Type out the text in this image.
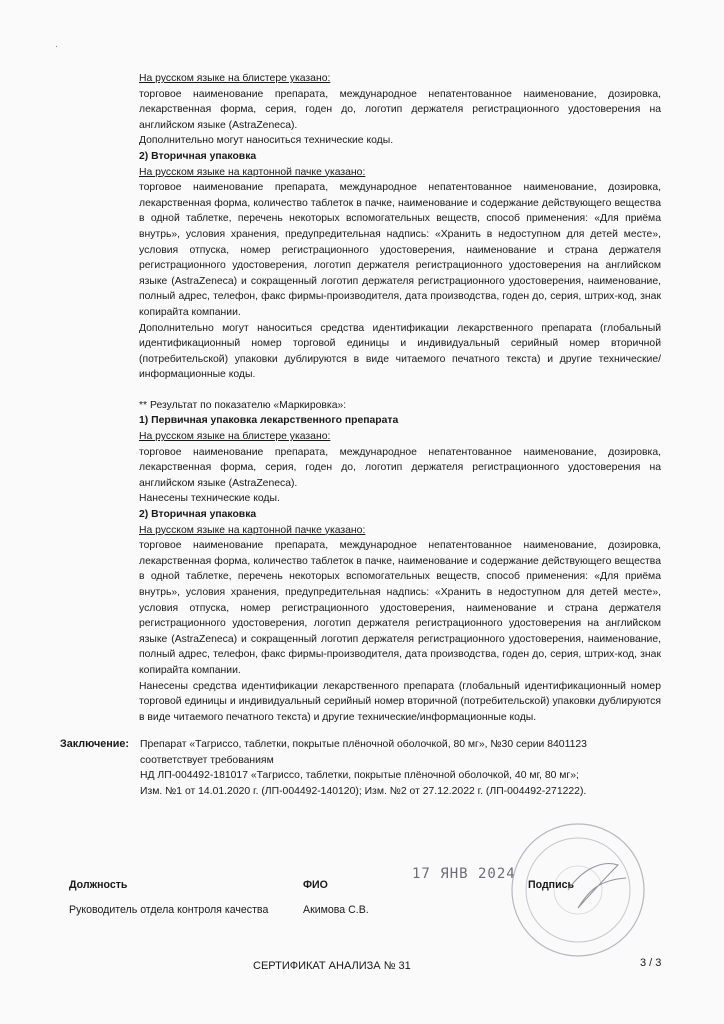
·

На русском языке на блистере указано:

торговое наименование препарата, международное непатентованное наименование, дозировка, лекарственная форма, серия, годен до, логотип держателя регистрационного удостоверения на английском языке (AstraZeneca).

Дополнительно могут наноситься технические коды.

2) Вторичная упаковка

На русском языке на картонной пачке указано:

торговое наименование препарата, международное непатентованное наименование, дозировка, лекарственная форма, количество таблеток в пачке, наименование и содержание действующего вещества в одной таблетке, перечень некоторых вспомогательных веществ, способ применения: «Для приёма внутрь», условия хранения, предупредительная надпись: «Хранить в недоступном для детей месте», условия отпуска, номер регистрационного удостоверения, наименование и страна держателя регистрационного удостоверения, логотип держателя регистрационного удостоверения на английском языке (AstraZeneca) и сокращенный логотип держателя регистрационного удостоверения, наименование, полный адрес, телефон, факс фирмы-производителя, дата производства, годен до, серия, штрих-код, знак копирайта компании.

Дополнительно могут наноситься средства идентификации лекарственного препарата (глобальный идентификационный номер торговой единицы и индивидуальный серийный номер вторичной (потребительской) упаковки дублируются в виде читаемого печатного текста) и другие технические/информационные коды.

** Результат по показателю «Маркировка»:

1) Первичная упаковка лекарственного препарата

На русском языке на блистере указано:

торговое наименование препарата, международное непатентованное наименование, дозировка, лекарственная форма, серия, годен до, логотип держателя регистрационного удостоверения на английском языке (AstraZeneca).

Нанесены технические коды.

2) Вторичная упаковка

На русском языке на картонной пачке указано:

торговое наименование препарата, международное непатентованное наименование, дозировка, лекарственная форма, количество таблеток в пачке, наименование и содержание действующего вещества в одной таблетке, перечень некоторых вспомогательных веществ, способ применения: «Для приёма внутрь», условия хранения, предупредительная надпись: «Хранить в недоступном для детей месте», условия отпуска, номер регистрационного удостоверения, наименование и страна держателя регистрационного удостоверения, логотип держателя регистрационного удостоверения на английском языке (AstraZeneca) и сокращенный логотип держателя регистрационного удостоверения, наименование, полный адрес, телефон, факс фирмы-производителя, дата производства, годен до, серия, штрих-код, знак копирайта компании.

Нанесены средства идентификации лекарственного препарата (глобальный идентификационный номер торговой единицы и индивидуальный серийный номер вторичной (потребительской) упаковки дублируются в виде читаемого печатного текста) и другие технические/информационные коды.

Заключение: Препарат «Тагриссо, таблетки, покрытые плёночной оболочкой, 80 мг», №30 серии 8401123

соответствует требованиям

НД ЛП-004492-181017 «Тагриссо, таблетки, покрытые плёночной оболочкой, 40 мг, 80 мг»;

Изм. №1 от 14.01.2020 г. (ЛП-004492-140120); Изм. №2 от 27.12.2022 г. (ЛП-004492-271222).

Должность	ФИО
17 ЯНВ 2024
Подпись
Руководитель отдела контроля качества	Акимова С.В.
СЕРТИФИКАТ АНАЛИЗА № 31	3 / 3
